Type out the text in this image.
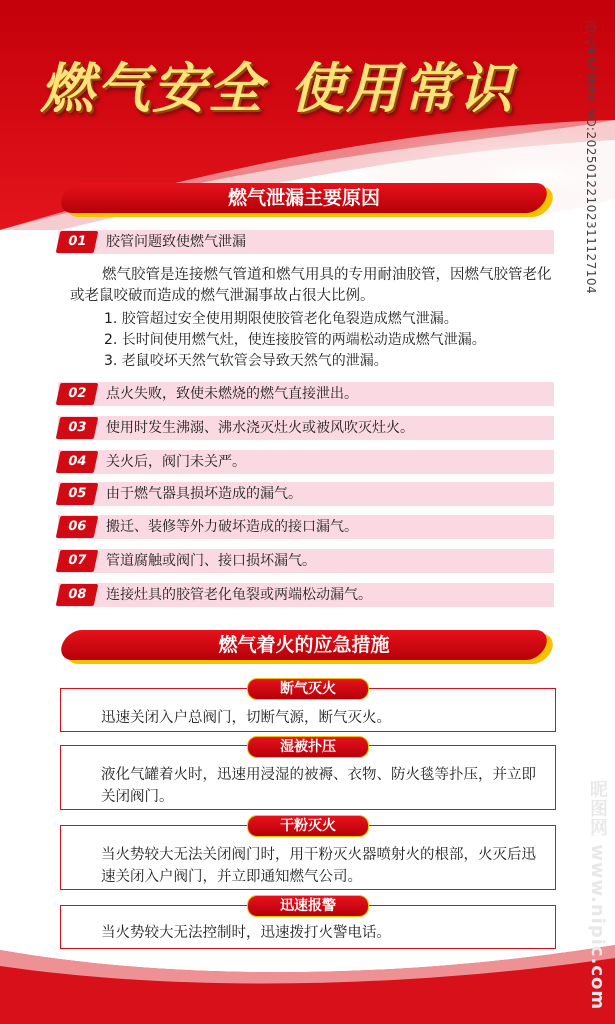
燃气安全 使用常识
燃气泄漏主要原因
01	胶管问题致使燃气泄漏

燃气胶管是连接燃气管道和燃气用具的专用耐油胶管，因燃气胶管老化或老鼠咬破而造成的燃气泄漏事故占很大比例。

1. 胶管超过安全使用期限使胶管老化龟裂造成燃气泄漏。
2. 长时间使用燃气灶，使连接胶管的两端松动造成燃气泄漏。
3. 老鼠咬坏天然气软管会导致天然气的泄漏。
02	点火失败，致使未燃烧的燃气直接泄出。
03	使用时发生沸溺、沸水浇灭灶火或被风吹灭灶火。
04	关火后，阀门未关严。
05	由于燃气器具损坏造成的漏气。
06	搬迁、装修等外力破坏造成的接口漏气。
07	管道腐触或阀门、接口损坏漏气。
08	连接灶具的胶管老化龟裂或两端松动漏气。
燃气着火的应急措施
迅速关闭入户总阀门，切断气源，断气灭火。
断气灭火
液化气罐着火时，迅速用浸湿的被褥、衣物、防火毯等扑压，并立即关闭阀门。
湿被扑压
当火势较大无法关闭阀门时，用干粉灭火器喷射火的根部，火灭后迅速关闭入户阀门，并立即通知燃气公司。
干粉灭火
当火势较大无法控制时，迅速拨打火警电话。
迅速报警
ID:29323660 NO:20250122102311127104
昵图网 www.nipic.com
